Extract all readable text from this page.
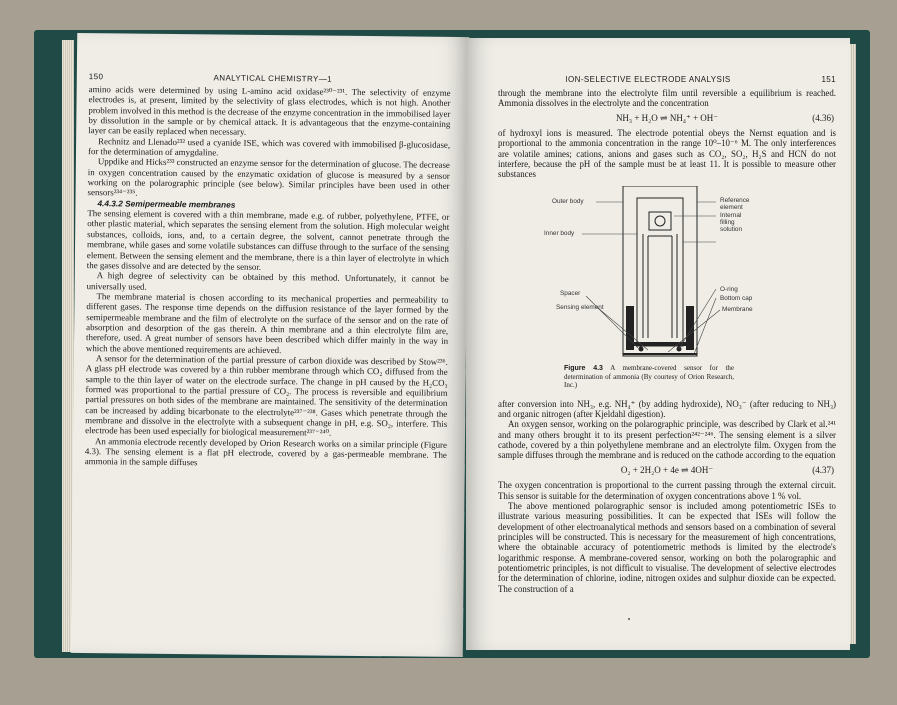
150	ANALYTICAL CHEMISTRY—1

amino acids were determined by using L-amino acid oxidase²³⁰⁻²³¹. The selectivity of enzyme electrodes is, at present, limited by the selectivity of glass electrodes, which is not high. Another problem involved in this method is the decrease of the enzyme concentration in the immobilised layer by dissolution in the sample or by chemical attack. It is advantageous that the enzyme-containing layer can be easily replaced when necessary.

Rechnitz and Llenado²³² used a cyanide ISE, which was covered with immobilised β-glucosidase, for the determination of amygdaline.

Uppdike and Hicks²³³ constructed an enzyme sensor for the determination of glucose. The decrease in oxygen concentration caused by the enzymatic oxidation of glucose is measured by a sensor working on the polarographic principle (see below). Similar principles have been used in other sensors²³⁴⁻²³⁵.

4.4.3.2 Semipermeable membranes

The sensing element is covered with a thin membrane, made e.g. of rubber, polyethylene, PTFE, or other plastic material, which separates the sensing element from the solution. High molecular weight substances, colloids, ions, and, to a certain degree, the solvent, cannot penetrate through the membrane, while gases and some volatile substances can diffuse through to the surface of the sensing element. Between the sensing element and the membrane, there is a thin layer of electrolyte in which the gases dissolve and are detected by the sensor.

A high degree of selectivity can be obtained by this method. Unfortunately, it cannot be universally used.

The membrane material is chosen according to its mechanical properties and permeability to different gases. The response time depends on the diffusion resistance of the layer formed by the semipermeable membrane and the film of electrolyte on the surface of the sensor and on the rate of absorption and desorption of the gas therein. A thin membrane and a thin electrolyte film are, therefore, used. A great number of sensors have been described which differ mainly in the way in which the above mentioned requirements are achieved.

A sensor for the determination of the partial pressure of carbon dioxide was described by Stow²³⁶. A glass pH electrode was covered by a thin rubber membrane through which CO₂ diffused from the sample to the thin layer of water on the electrode surface. The change in pH caused by the H₂CO₃ formed was proportional to the partial pressure of CO₂. The process is reversible and equilibrium partial pressures on both sides of the membrane are maintained. The sensitivity of the determination can be increased by adding bicarbonate to the electrolyte²³⁷⁻²³⁸. Gases which penetrate through the membrane and dissolve in the electrolyte with a subsequent change in pH, e.g. SO₂, interfere. This electrode has been used especially for biological measurement²³⁷⁻²⁴⁰.

An ammonia electrode recently developed by Orion Research works on a similar principle (Figure 4.3). The sensing element is a flat pH electrode, covered by a gas-permeable membrane. The ammonia in the sample diffuses

ION-SELECTIVE ELECTRODE ANALYSIS	151

through the membrane into the electrolyte film until reversible a equilibrium is reached. Ammonia dissolves in the electrolyte and the concentration

NH₃ + H₂O ⇌ NH₄⁺ + OH⁻	(4.36)

of hydroxyl ions is measured. The electrode potential obeys the Nernst equation and is proportional to the ammonia concentration in the range 10⁰–10⁻⁶ M. The only interferences are volatile amines; cations, anions and gases such as CO₂, SO₂, H₂S and HCN do not interfere, because the pH of the sample must be at least 11. It is possible to measure other substances

Outer body
Inner body
Reference element
Internal filling solution
Spacer
O-ring
Bottom cap
Sensing element	Membrane
Figure 4.3 A membrane-covered sensor for the determination of ammonia (By courtesy of Orion Research, Inc.)

after conversion into NH₃, e.g. NH₄⁺ (by adding hydroxide), NO₃⁻ (after reducing to NH₃) and organic nitrogen (after Kjeldahl digestion).

An oxygen sensor, working on the polarographic principle, was described by Clark et al.²⁴¹ and many others brought it to its present perfection²⁴²⁻²⁴⁶. The sensing element is a silver cathode, covered by a thin polyethylene membrane and an electrolyte film. Oxygen from the sample diffuses through the membrane and is reduced on the cathode according to the equation

O₂ + 2H₂O + 4e ⇌ 4OH⁻	(4.37)

The oxygen concentration is proportional to the current passing through the external circuit. This sensor is suitable for the determination of oxygen concentrations above 1 % vol.

The above mentioned polarographic sensor is included among potentiometric ISEs to illustrate various measuring possibilities. It can be expected that ISEs will follow the development of other electroanalytical methods and sensors based on a combination of several principles will be constructed. This is necessary for the measurement of high concentrations, where the obtainable accuracy of potentiometric methods is limited by the electrode's logarithmic response. A membrane-covered sensor, working on both the polarographic and potentiometric principles, is not difficult to visualise. The development of selective electrodes for the determination of chlorine, iodine, nitrogen oxides and sulphur dioxide can be expected. The construction of a
